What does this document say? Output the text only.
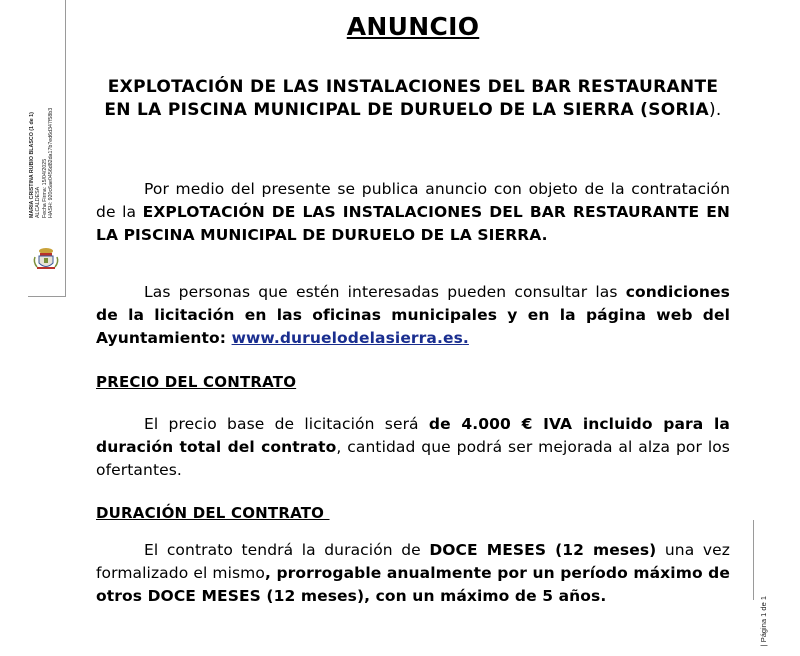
MARIA CRISTINA RUBIO BLASCO (1 de 1) ALCALDESA Fecha Firma: 15/04/2025 HASH: 920c6ae0456d82da17b7ed6d347f58b3
| Página 1 de 1
ANUNCIO
EXPLOTACIÓN DE LAS INSTALACIONES DEL BAR RESTAURANTE EN LA PISCINA MUNICIPAL DE DURUELO DE LA SIERRA (SORIA).
Por medio del presente se publica anuncio con objeto de la contratación de la EXPLOTACIÓN DE LAS INSTALACIONES DEL BAR RESTAURANTE EN LA PISCINA MUNICIPAL DE DURUELO DE LA SIERRA.
Las personas que estén interesadas pueden consultar las condiciones de la licitación en las oficinas municipales y en la página web del Ayuntamiento: www.duruelodelasierra.es.
PRECIO DEL CONTRATO
El precio base de licitación será de 4.000 € IVA incluido para la duración total del contrato, cantidad que podrá ser mejorada al alza por los ofertantes.
DURACIÓN DEL CONTRATO
El contrato tendrá la duración de DOCE MESES (12 meses) una vez formalizado el mismo, prorrogable anualmente por un período máximo de otros DOCE MESES (12 meses), con un máximo de 5 años.
